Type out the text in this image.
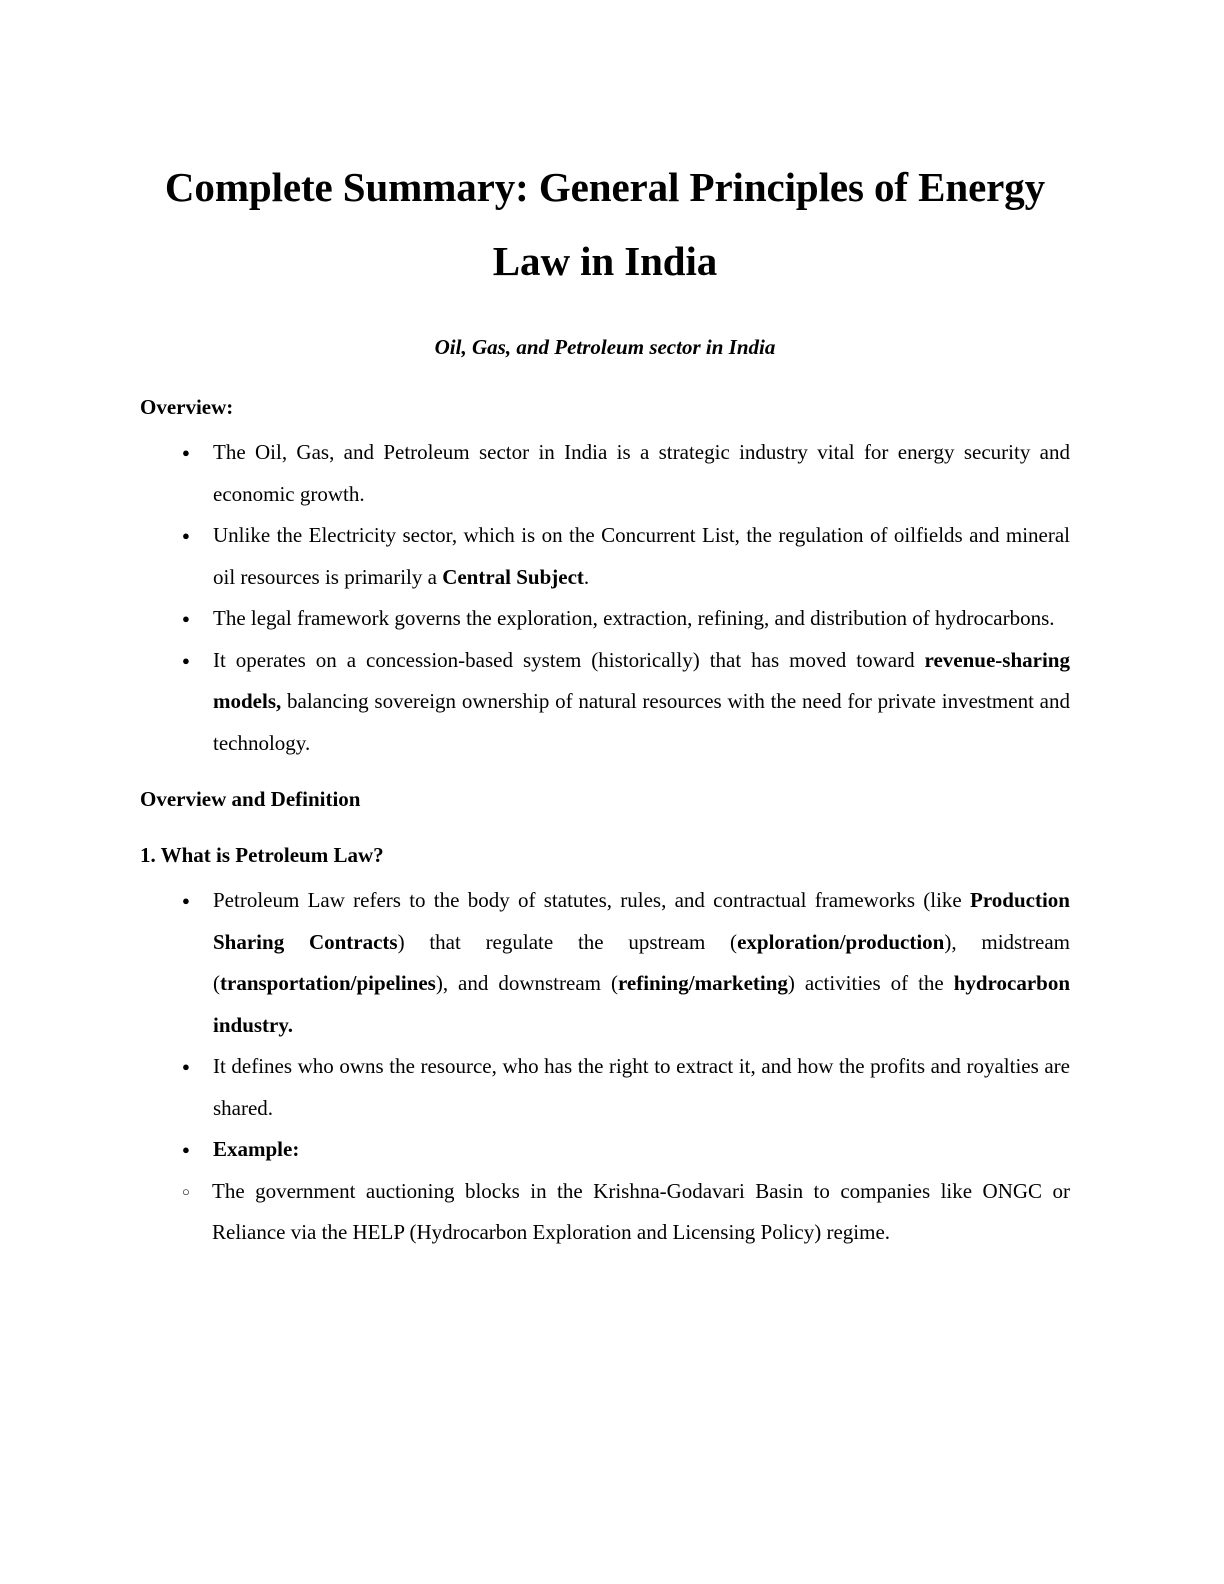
Complete Summary: General Principles of Energy Law in India
Oil, Gas, and Petroleum sector in India
Overview:
● The Oil, Gas, and Petroleum sector in India is a strategic industry vital for energy security and economic growth.
● Unlike the Electricity sector, which is on the Concurrent List, the regulation of oilfields and mineral oil resources is primarily a Central Subject.
● The legal framework governs the exploration, extraction, refining, and distribution of hydrocarbons.
● It operates on a concession-based system (historically) that has moved toward revenue-sharing models, balancing sovereign ownership of natural resources with the need for private investment and technology.
Overview and Definition
1. What is Petroleum Law?
● Petroleum Law refers to the body of statutes, rules, and contractual frameworks (like Production Sharing Contracts) that regulate the upstream (exploration/production), midstream (transportation/pipelines), and downstream (refining/marketing) activities of the hydrocarbon industry.
● It defines who owns the resource, who has the right to extract it, and how the profits and royalties are shared.
● Example:
○ The government auctioning blocks in the Krishna-Godavari Basin to companies like ONGC or Reliance via the HELP (Hydrocarbon Exploration and Licensing Policy) regime.
